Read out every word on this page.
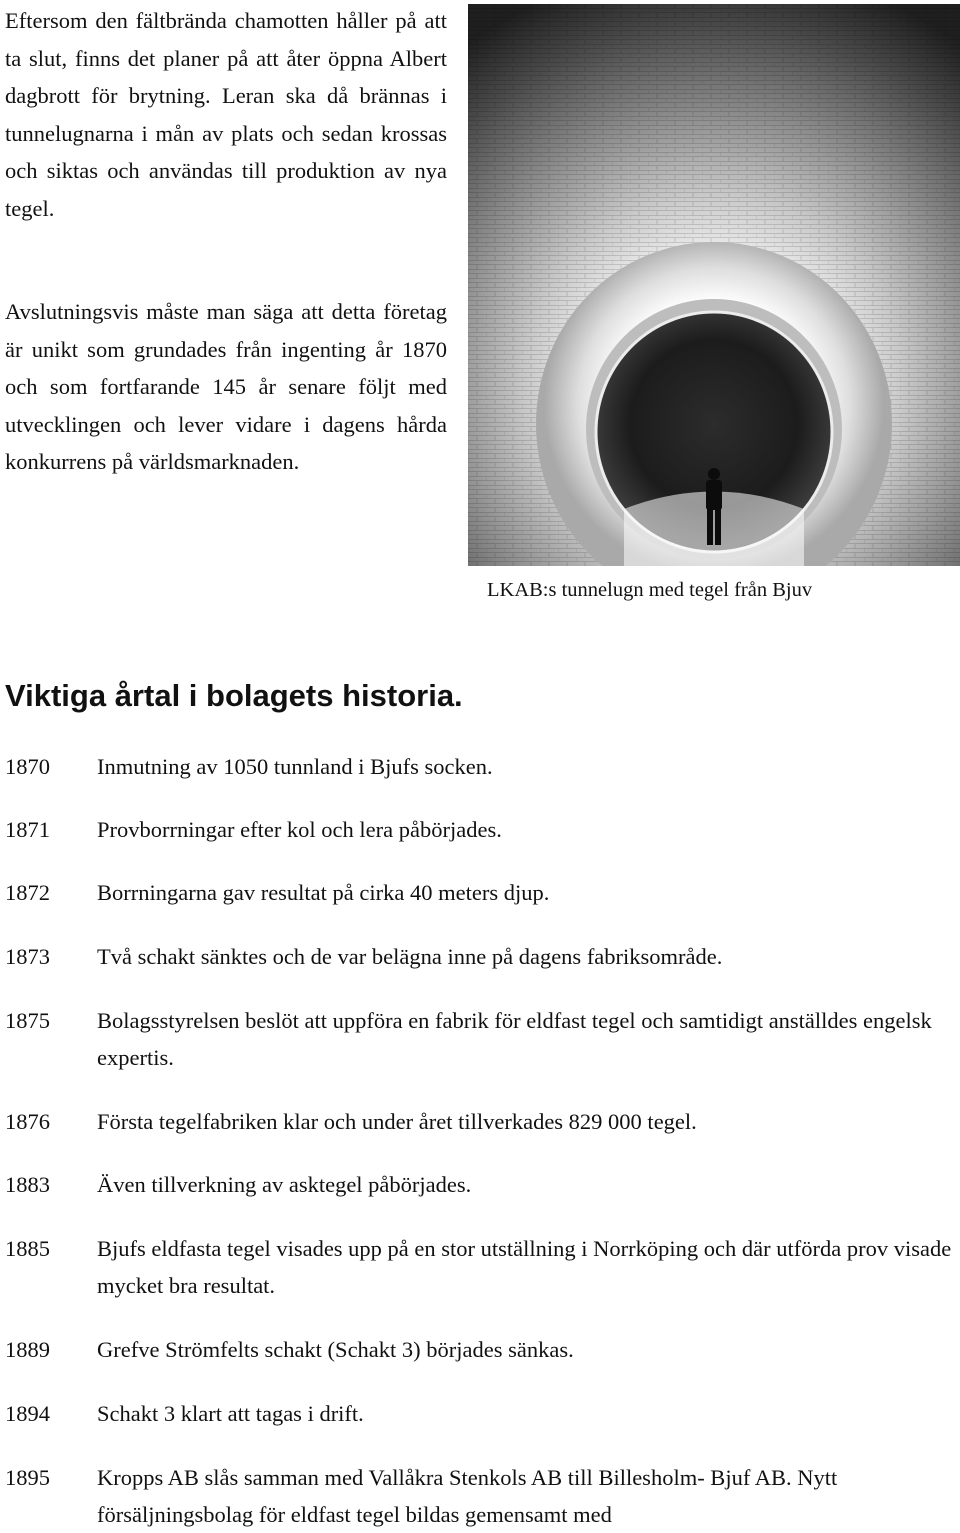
Eftersom den fältbrända chamotten håller på att ta slut, finns det planer på att åter öppna Albert dagbrott för brytning. Leran ska då brännas i tunnelugnarna i mån av plats och sedan krossas och siktas och användas till produktion av nya tegel.

Avslutningsvis måste man säga att detta företag är unikt som grundades från ingenting år 1870 och som fortfarande 145 år senare följt med utvecklingen och lever vidare i dagens hårda konkurrens på världsmarknaden.

LKAB:s tunnelugn med tegel från Bjuv

Viktiga årtal i bolagets historia.
1870 Inmutning av 1050 tunnland i Bjufs socken.
1871 Provborrningar efter kol och lera påbörjades.
1872 Borrningarna gav resultat på cirka 40 meters djup.
1873 Två schakt sänktes och de var belägna inne på dagens fabriksområde.
1875 Bolagsstyrelsen beslöt att uppföra en fabrik för eldfast tegel och samtidigt anställdes engelsk expertis.
1876 Första tegelfabriken klar och under året tillverkades 829 000 tegel.
1883 Även tillverkning av asktegel påbörjades.
1885 Bjufs eldfasta tegel visades upp på en stor utställning i Norrköping och där utförda prov visade mycket bra resultat.
1889 Grefve Strömfelts schakt (Schakt 3) börjades sänkas.
1894 Schakt 3 klart att tagas i drift.
1895 Kropps AB slås samman med Vallåkra Stenkols AB till Billesholm- Bjuf AB. Nytt försäljningsbolag för eldfast tegel bildas gemensamt med
